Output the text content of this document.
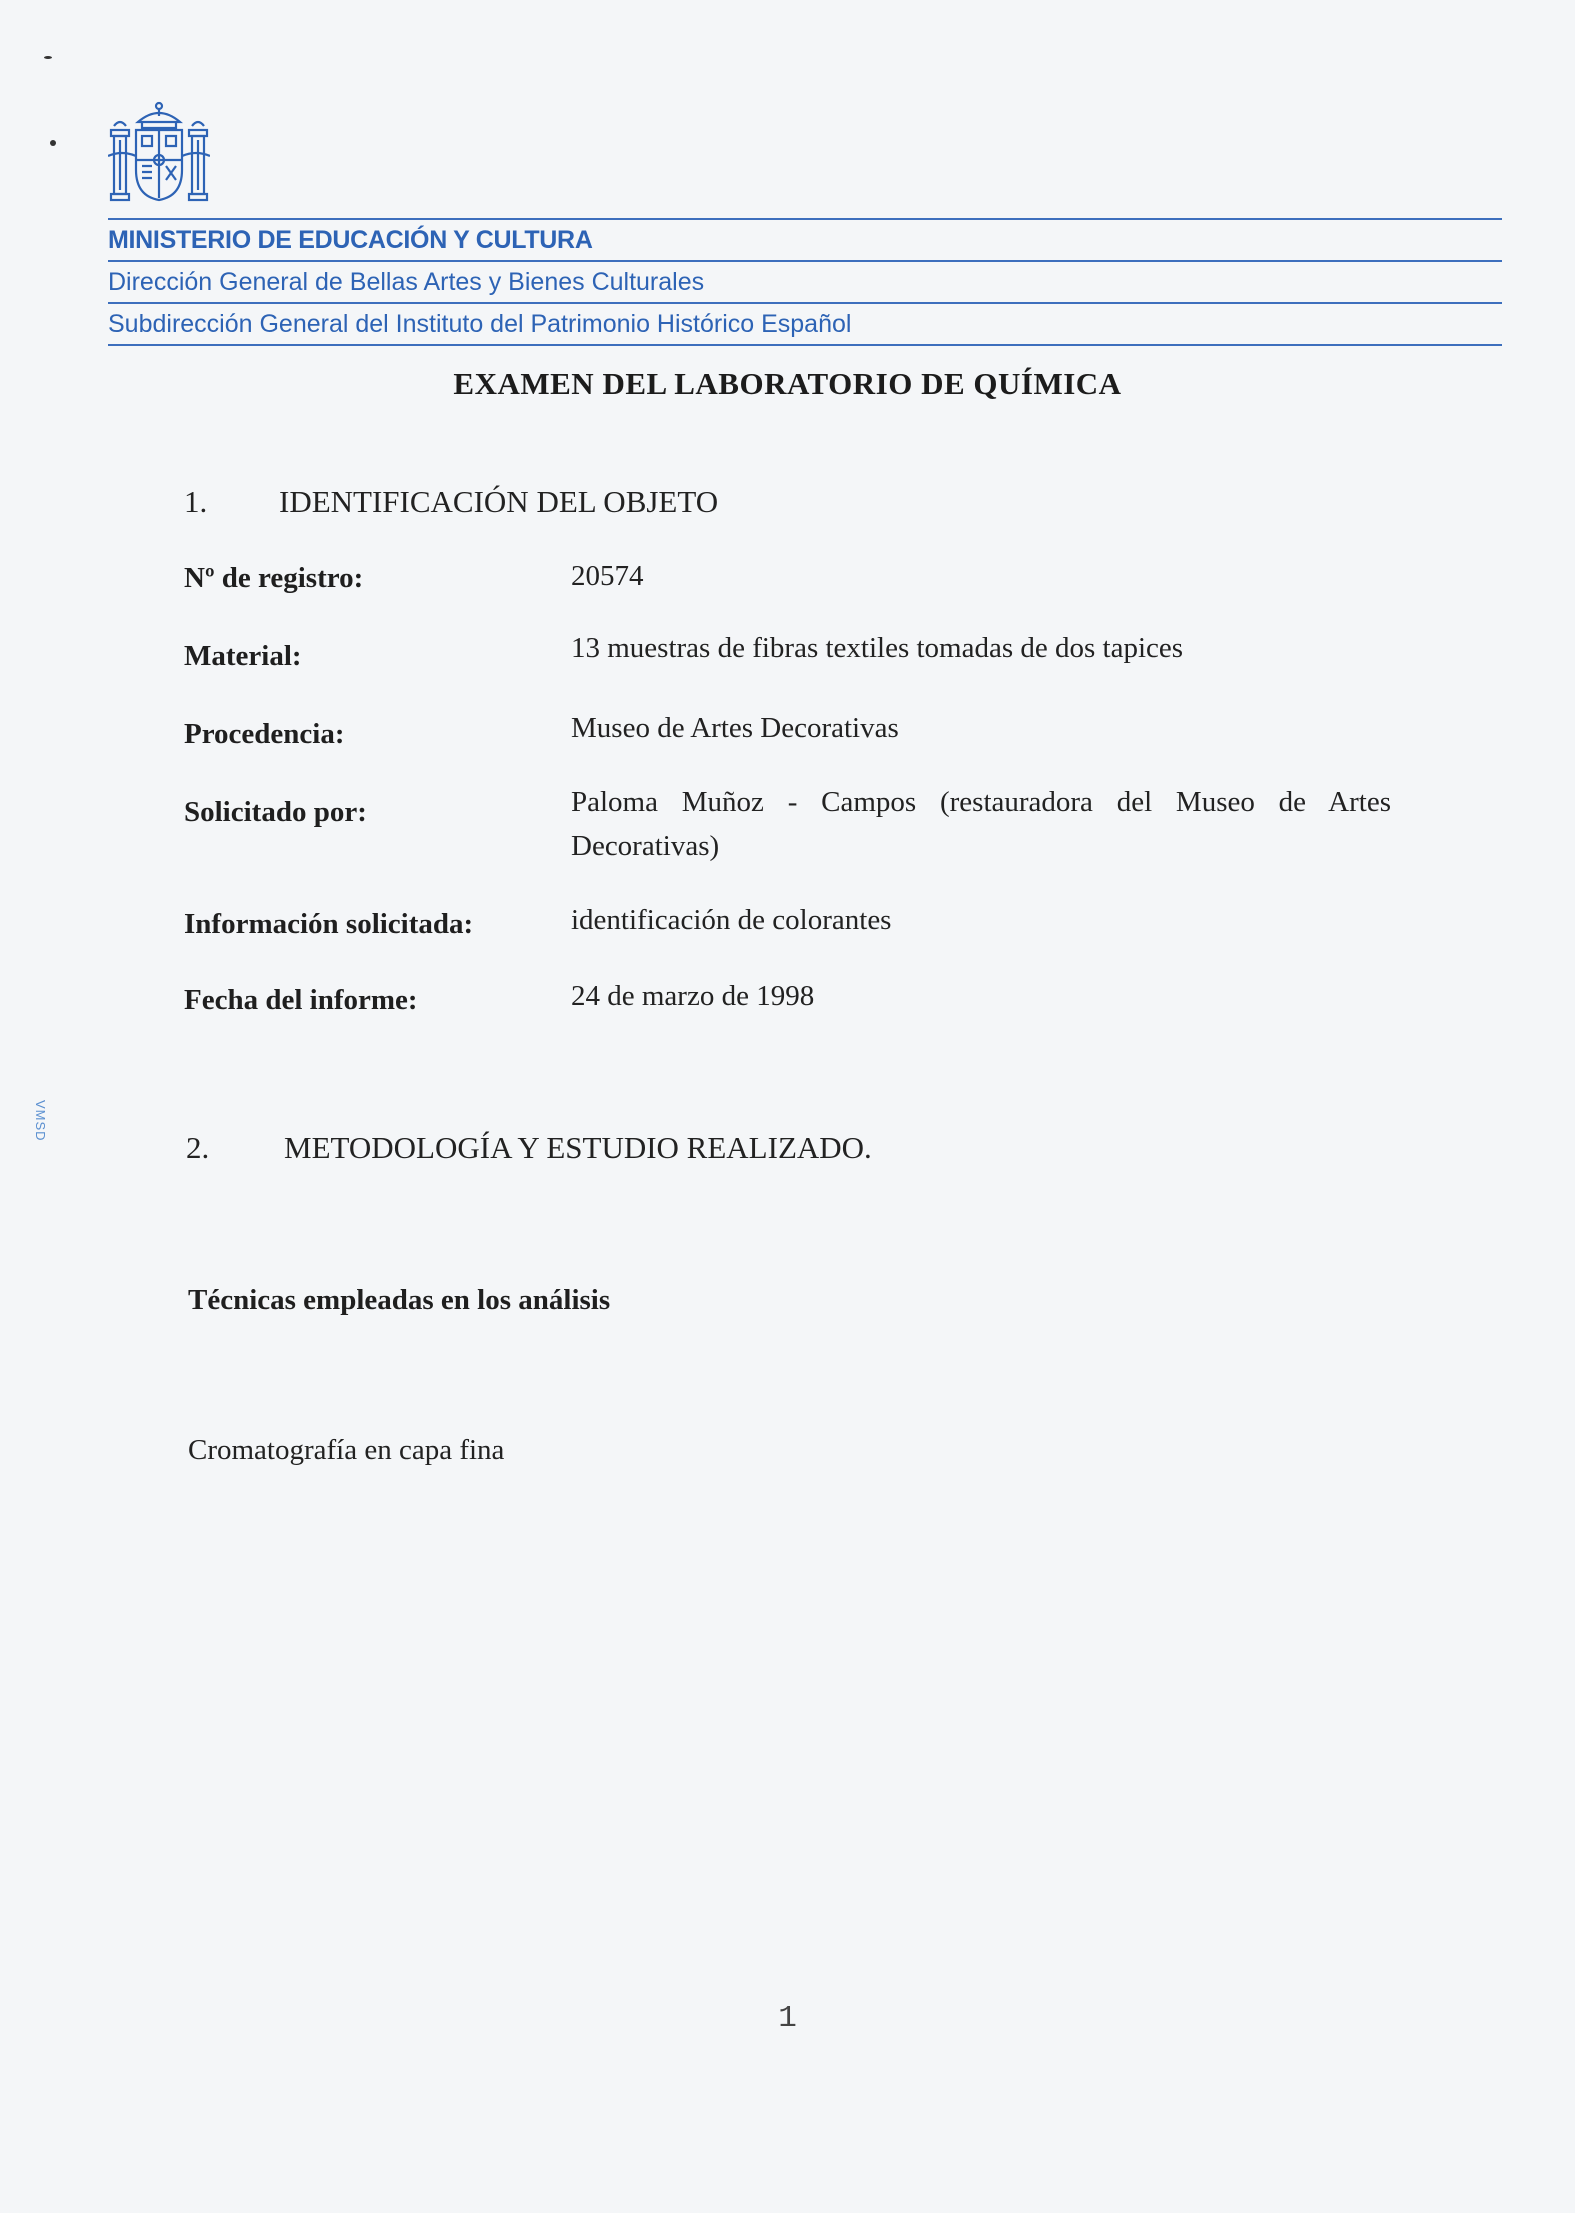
MINISTERIO DE EDUCACIÓN Y CULTURA
Dirección General de Bellas Artes y Bienes Culturales
Subdirección General del Instituto del Patrimonio Histórico Español
EXAMEN DEL LABORATORIO DE QUÍMICA
1. IDENTIFICACIÓN DEL OBJETO
Nº de registro:	20574
Material:	13 muestras de fibras textiles tomadas de dos tapices
Procedencia:	Museo de Artes Decorativas
Solicitado por:	Paloma Muñoz - Campos (restauradora del Museo de Artes Decorativas)
Información solicitada:	identificación de colorantes
Fecha del informe:	24 de marzo de 1998
VMSD
2. METODOLOGÍA Y ESTUDIO REALIZADO.
Técnicas empleadas en los análisis
Cromatografía en capa fina
1
